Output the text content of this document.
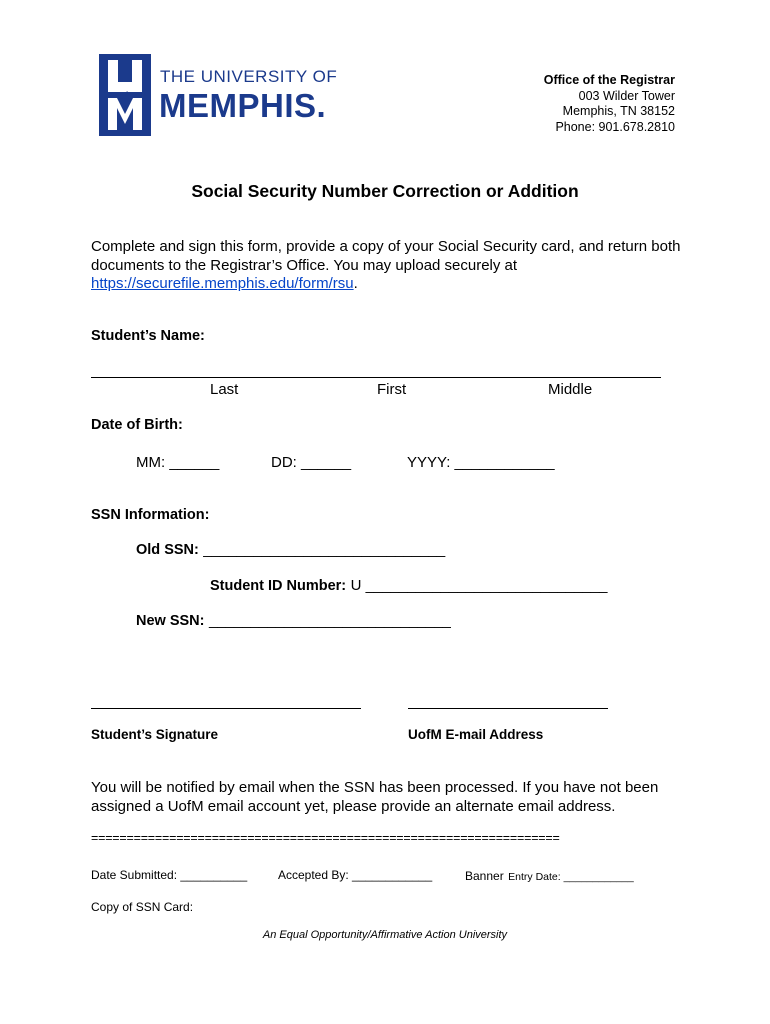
of
THE UNIVERSITY OF
MEMPHIS.
Office of the Registrar
003 Wilder Tower
Memphis, TN 38152
Phone: 901.678.2810
Social Security Number Correction or Addition
Complete and sign this form, provide a copy of your Social Security card, and return both documents to the Registrar’s Office. You may upload securely at https://securefile.memphis.edu/form/rsu.
Student’s Name:
Last	First	Middle
Date of Birth:
MM: ______	DD: ______	YYYY: ____________
SSN Information:
Old SSN: _____________________________
Student ID Number: U _____________________________
New SSN: _____________________________
Student’s Signature	UofM E-mail Address
You will be notified by email when the SSN has been processed. If you have not been assigned a UofM email account yet, please provide an alternate email address.
==================================================================
Date Submitted: __________	Accepted By: ____________	Banner Entry Date: ____________
Copy of SSN Card:
An Equal Opportunity/Affirmative Action University
